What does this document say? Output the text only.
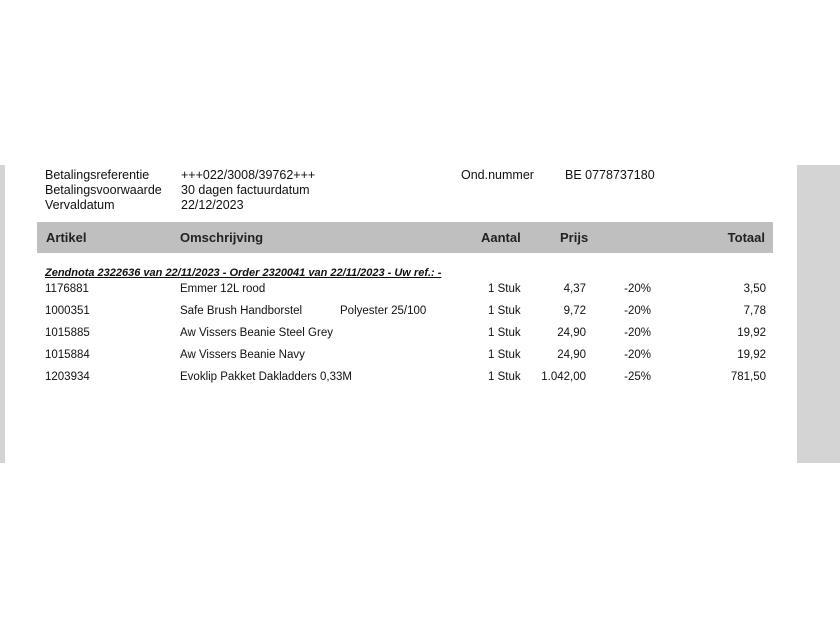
Betalingsreferentie	+++022/3008/39762+++
Betalingsvoorwaarde	30 dagen factuurdatum
Vervaldatum	22/12/2023
Ond.nummer BE 0778737180
Artikel	Omschrijving	Aantal	Prijs	Totaal
Zendnota 2322636 van 22/11/2023 - Order 2320041 van 22/11/2023 - Uw ref.: -
1176881	Emmer 12L rood	1 Stuk	4,37	-20%	3,50
1000351	Safe Brush Handborstel	Polyester 25/100	1 Stuk	9,72	-20%	7,78
1015885	Aw Vissers Beanie Steel Grey	1 Stuk	24,90	-20%	19,92
1015884	Aw Vissers Beanie Navy	1 Stuk	24,90	-20%	19,92
1203934	Evoklip Pakket Dakladders 0,33M	1 Stuk 1.042,00	-25%	781,50
